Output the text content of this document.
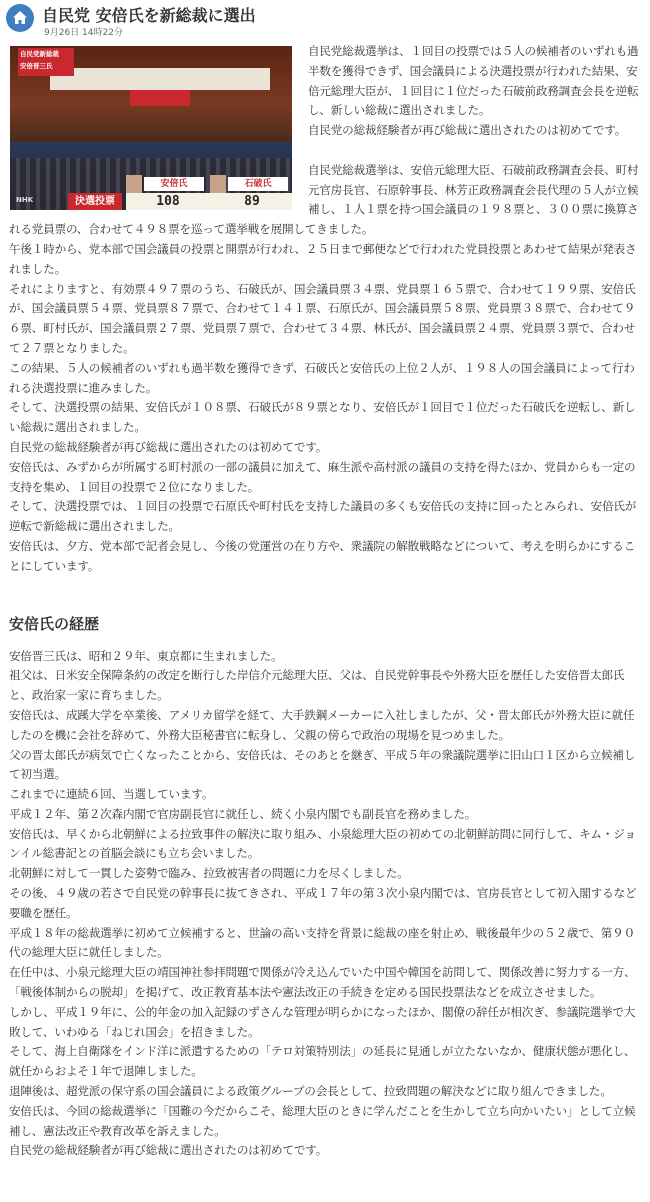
自民党 安倍氏を新総裁に選出
9月26日 14時22分
自民党新総裁
安倍晋三氏
NHK	決選投票
安倍氏
108
石破氏
89

自民党総裁選挙は、１回目の投票では５人の候補者のいずれも過半数を獲得できず、国会議員による決選投票が行われた結果、安倍元総理大臣が、１回目に１位だった石破前政務調査会長を逆転し、新しい総裁に選出されました。

自民党の総裁経験者が再び総裁に選出されたのは初めてです。

自民党総裁選挙は、安倍元総理大臣、石破前政務調査会長、町村元官房長官、石原幹事長、林芳正政務調査会長代理の５人が立候補し、１人１票を持つ国会議員の１９８票と、３００票に換算される党員票の、合わせて４９８票を巡って選挙戦を展開してきました。

午後１時から、党本部で国会議員の投票と開票が行われ、２５日まで郵便などで行われた党員投票とあわせて結果が発表されました。

それによりますと、有効票４９７票のうち、石破氏が、国会議員票３４票、党員票１６５票で、合わせて１９９票、安倍氏が、国会議員票５４票、党員票８７票で、合わせて１４１票、石原氏が、国会議員票５８票、党員票３８票で、合わせて９６票、町村氏が、国会議員票２７票、党員票７票で、合わせて３４票、林氏が、国会議員票２４票、党員票３票で、合わせて２７票となりました。

この結果、５人の候補者のいずれも過半数を獲得できず、石破氏と安倍氏の上位２人が、１９８人の国会議員によって行われる決選投票に進みました。

そして、決選投票の結果、安倍氏が１０８票、石破氏が８９票となり、安倍氏が１回目で１位だった石破氏を逆転し、新しい総裁に選出されました。

自民党の総裁経験者が再び総裁に選出されたのは初めてです。

安倍氏は、みずからが所属する町村派の一部の議員に加えて、麻生派や高村派の議員の支持を得たほか、党員からも一定の支持を集め、１回目の投票で２位になりました。

そして、決選投票では、１回目の投票で石原氏や町村氏を支持した議員の多くも安倍氏の支持に回ったとみられ、安倍氏が逆転で新総裁に選出されました。

安倍氏は、夕方、党本部で記者会見し、今後の党運営の在り方や、衆議院の解散戦略などについて、考えを明らかにすることにしています。

安倍氏の経歴

安倍晋三氏は、昭和２９年、東京都に生まれました。

祖父は、日米安全保障条約の改定を断行した岸信介元総理大臣、父は、自民党幹事長や外務大臣を歴任した安倍晋太郎氏と、政治家一家に育ちました。

安倍氏は、成蹊大学を卒業後、アメリカ留学を経て、大手鉄鋼メーカーに入社しましたが、父・晋太郎氏が外務大臣に就任したのを機に会社を辞めて、外務大臣秘書官に転身し、父親の傍らで政治の現場を見つめました。

父の晋太郎氏が病気で亡くなったことから、安倍氏は、そのあとを継ぎ、平成５年の衆議院選挙に旧山口１区から立候補して初当選。

これまでに連続６回、当選しています。

平成１２年、第２次森内閣で官房副長官に就任し、続く小泉内閣でも副長官を務めました。

安倍氏は、早くから北朝鮮による拉致事件の解決に取り組み、小泉総理大臣の初めての北朝鮮訪問に同行して、キム・ジョンイル総書記との首脳会談にも立ち会いました。

北朝鮮に対して一貫した姿勢で臨み、拉致被害者の問題に力を尽くしました。

その後、４９歳の若さで自民党の幹事長に抜てきされ、平成１７年の第３次小泉内閣では、官房長官として初入閣するなど要職を歴任。

平成１８年の総裁選挙に初めて立候補すると、世論の高い支持を背景に総裁の座を射止め、戦後最年少の５２歳で、第９０代の総理大臣に就任しました。

在任中は、小泉元総理大臣の靖国神社参拝問題で関係が冷え込んでいた中国や韓国を訪問して、関係改善に努力する一方、「戦後体制からの脱却」を掲げて、改正教育基本法や憲法改正の手続きを定める国民投票法などを成立させました。

しかし、平成１９年に、公的年金の加入記録のずさんな管理が明らかになったほか、閣僚の辞任が相次ぎ、参議院選挙で大敗して、いわゆる「ねじれ国会」を招きました。

そして、海上自衛隊をインド洋に派遣するための「テロ対策特別法」の延長に見通しが立たないなか、健康状態が悪化し、就任からおよそ１年で退陣しました。

退陣後は、超党派の保守系の国会議員による政策グループの会長として、拉致問題の解決などに取り組んできました。

安倍氏は、今回の総裁選挙に「国難の今だからこそ、総理大臣のときに学んだことを生かして立ち向かいたい」として立候補し、憲法改正や教育改革を訴えました。

自民党の総裁経験者が再び総裁に選出されたのは初めてです。
